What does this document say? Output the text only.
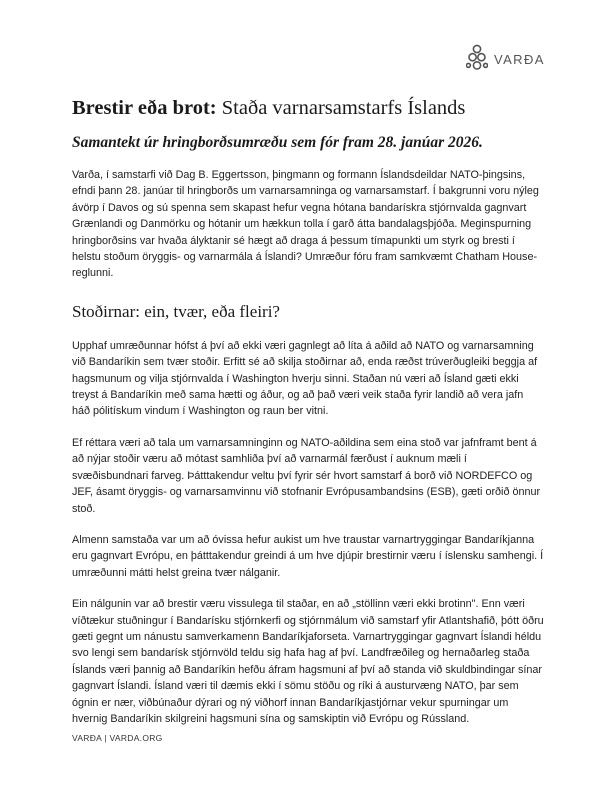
VARÐA
Brestir eða brot: Staða varnarsamstarfs Íslands
Samantekt úr hringborðsumræðu sem fór fram 28. janúar 2026.

Varða, í samstarfi við Dag B. Eggertsson, þingmann og formann Íslandsdeildar NATO-þingsins, efndi þann 28. janúar til hringborðs um varnarsamninga og varnarsamstarf. Í bakgrunni voru nýleg ávörp í Davos og sú spenna sem skapast hefur vegna hótana bandarískra stjórnvalda gagnvart Grænlandi og Danmörku og hótanir um hækkun tolla í garð átta bandalagsþjóða. Meginspurning hringborðsins var hvaða ályktanir sé hægt að draga á þessum tímapunkti um styrk og bresti í helstu stoðum öryggis- og varnarmála á Íslandi? Umræður fóru fram samkvæmt Chatham House-reglunni.

Stoðirnar: ein, tvær, eða fleiri?

Upphaf umræðunnar hófst á því að ekki væri gagnlegt að líta á aðild að NATO og varnarsamning við Bandaríkin sem tvær stoðir. Erfitt sé að skilja stoðirnar að, enda ræðst trúverðugleiki beggja af hagsmunum og vilja stjórnvalda í Washington hverju sinni. Staðan nú væri að Ísland gæti ekki treyst á Bandaríkin með sama hætti og áður, og að það væri veik staða fyrir landið að vera jafn háð pólitískum vindum í Washington og raun ber vitni.

Ef réttara væri að tala um varnarsamninginn og NATO-aðildina sem eina stoð var jafnframt bent á að nýjar stoðir væru að mótast samhliða því að varnarmál færðust í auknum mæli í svæðisbundnari farveg. Þátttakendur veltu því fyrir sér hvort samstarf á borð við NORDEFCO og JEF, ásamt öryggis- og varnarsamvinnu við stofnanir Evrópusambandsins (ESB), gæti orðið önnur stoð.

Almenn samstaða var um að óvissa hefur aukist um hve traustar varnartryggingar Bandaríkjanna eru gagnvart Evrópu, en þátttakendur greindi á um hve djúpir brestirnir væru í íslensku samhengi. Í umræðunni mátti helst greina tvær nálganir.

Ein nálgunin var að brestir væru vissulega til staðar, en að „stöllinn væri ekki brotinn". Enn væri víðtækur stuðningur í Bandarísku stjórnkerfi og stjórnmálum við samstarf yfir Atlantshafið, þótt öðru gæti gegnt um nánustu samverkamenn Bandaríkjaforseta. Varnartryggingar gagnvart Íslandi héldu svo lengi sem bandarísk stjórnvöld teldu sig hafa hag af því. Landfræðileg og hernaðarleg staða Íslands væri þannig að Bandaríkin hefðu áfram hagsmuni af því að standa við skuldbindingar sínar gagnvart Íslandi. Ísland væri til dæmis ekki í sömu stöðu og ríki á austurvæng NATO, þar sem ógnin er nær, viðbúnaður dýrari og ný viðhorf innan Bandaríkjastjórnar vekur spurningar um hvernig Bandaríkin skilgreini hagsmuni sína og samskiptin við Evrópu og Rússland.

VARÐA | VARDA.ORG
